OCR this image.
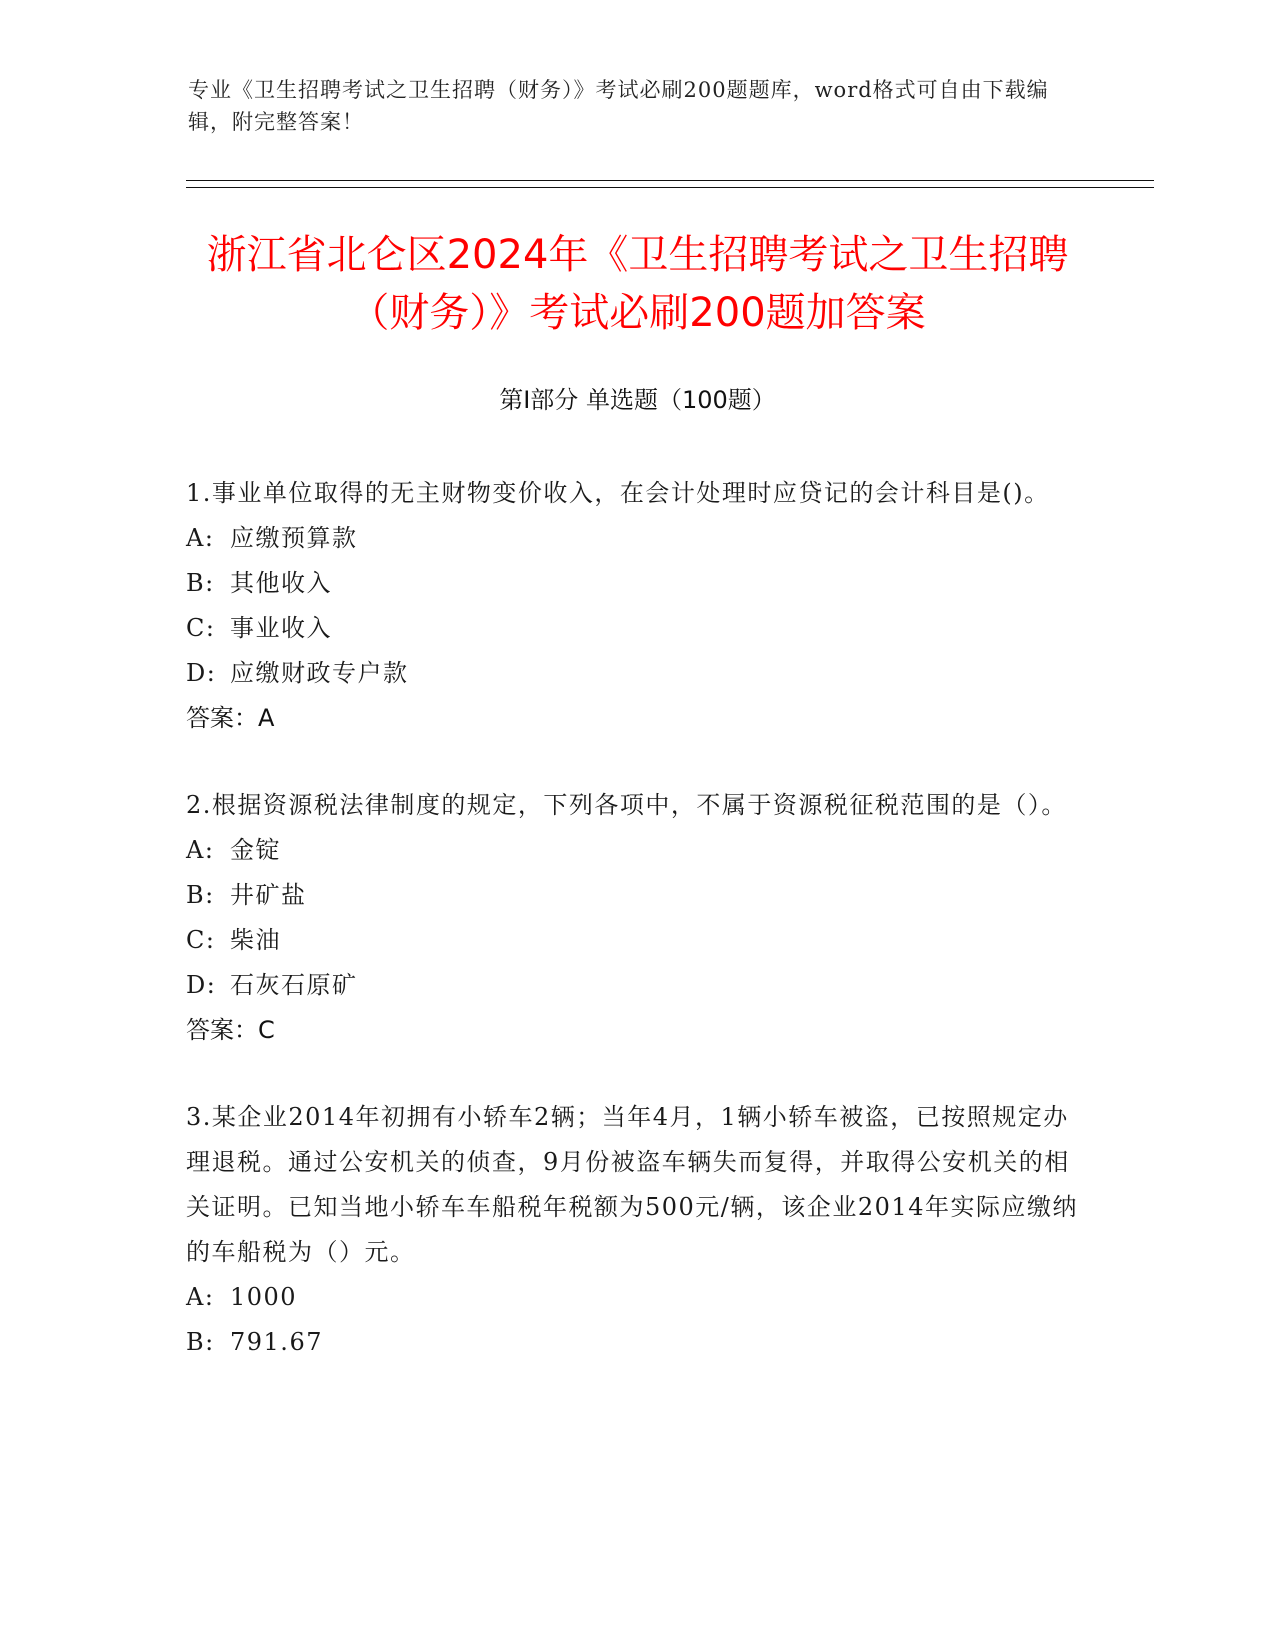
专业《卫生招聘考试之卫生招聘（财务）》考试必刷200题题库，word格式可自由下载编辑，附完整答案！
浙江省北仑区2024年《卫生招聘考试之卫生招聘（财务）》考试必刷200题加答案
第Ⅰ部分 单选题（100题）
1.事业单位取得的无主财物变价收入，在会计处理时应贷记的会计科目是()。
A: 应缴预算款
B: 其他收入
C: 事业收入
D: 应缴财政专户款
答案：A
2.根据资源税法律制度的规定，下列各项中，不属于资源税征税范围的是（）。
A: 金锭
B: 井矿盐
C: 柴油
D: 石灰石原矿
答案：C
3.某企业2014年初拥有小轿车2辆；当年4月，1辆小轿车被盗，已按照规定办理退税。通过公安机关的侦查，9月份被盗车辆失而复得，并取得公安机关的相关证明。已知当地小轿车车船税年税额为500元/辆，该企业2014年实际应缴纳的车船税为（）元。
A: 1000
B: 791.67
